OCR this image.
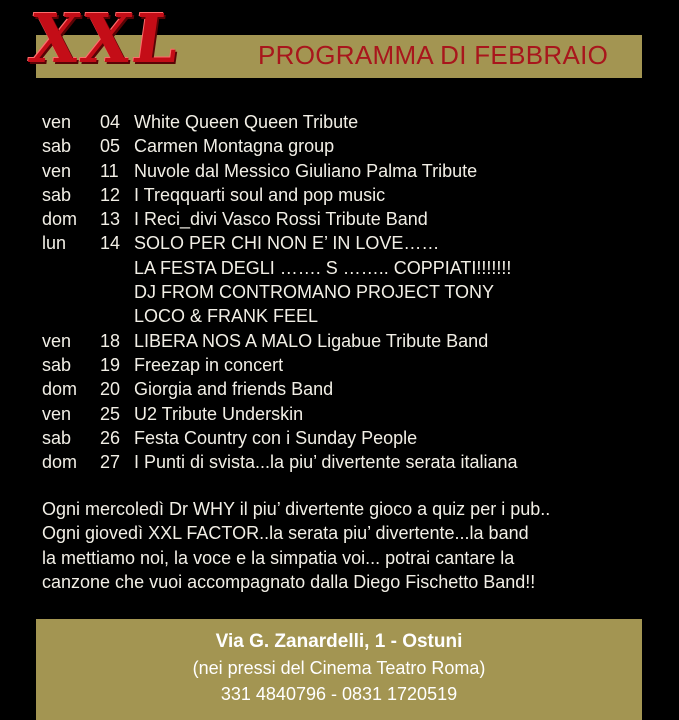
XXL	PROGRAMMA DI FEBBRAIO
ven	04 White Queen Queen Tribute
sab	05 Carmen Montagna group
ven	11 Nuvole dal Messico Giuliano Palma Tribute
sab	12 I Treqquarti soul and pop music
dom	13 I Reci_divi Vasco Rossi Tribute Band
lun	14 SOLO PER CHI NON E’ IN LOVE……
LA FESTA DEGLI ……. S …….. COPPIATI!!!!!!!
DJ FROM CONTROMANO PROJECT TONY
LOCO & FRANK FEEL
ven	18 LIBERA NOS A MALO Ligabue Tribute Band
sab	19 Freezap in concert
dom	20 Giorgia and friends Band
ven	25 U2 Tribute Underskin
sab	26 Festa Country con i Sunday People
dom	27 I Punti di svista...la piu’ divertente serata italiana
Ogni mercoledì Dr WHY il piu’ divertente gioco a quiz per i pub..
Ogni giovedì XXL FACTOR..la serata piu’ divertente...la band
la mettiamo noi, la voce e la simpatia voi... potrai cantare la
canzone che vuoi accompagnato dalla Diego Fischetto Band!!
Via G. Zanardelli, 1 - Ostuni
(nei pressi del Cinema Teatro Roma)
331 4840796 - 0831 1720519
